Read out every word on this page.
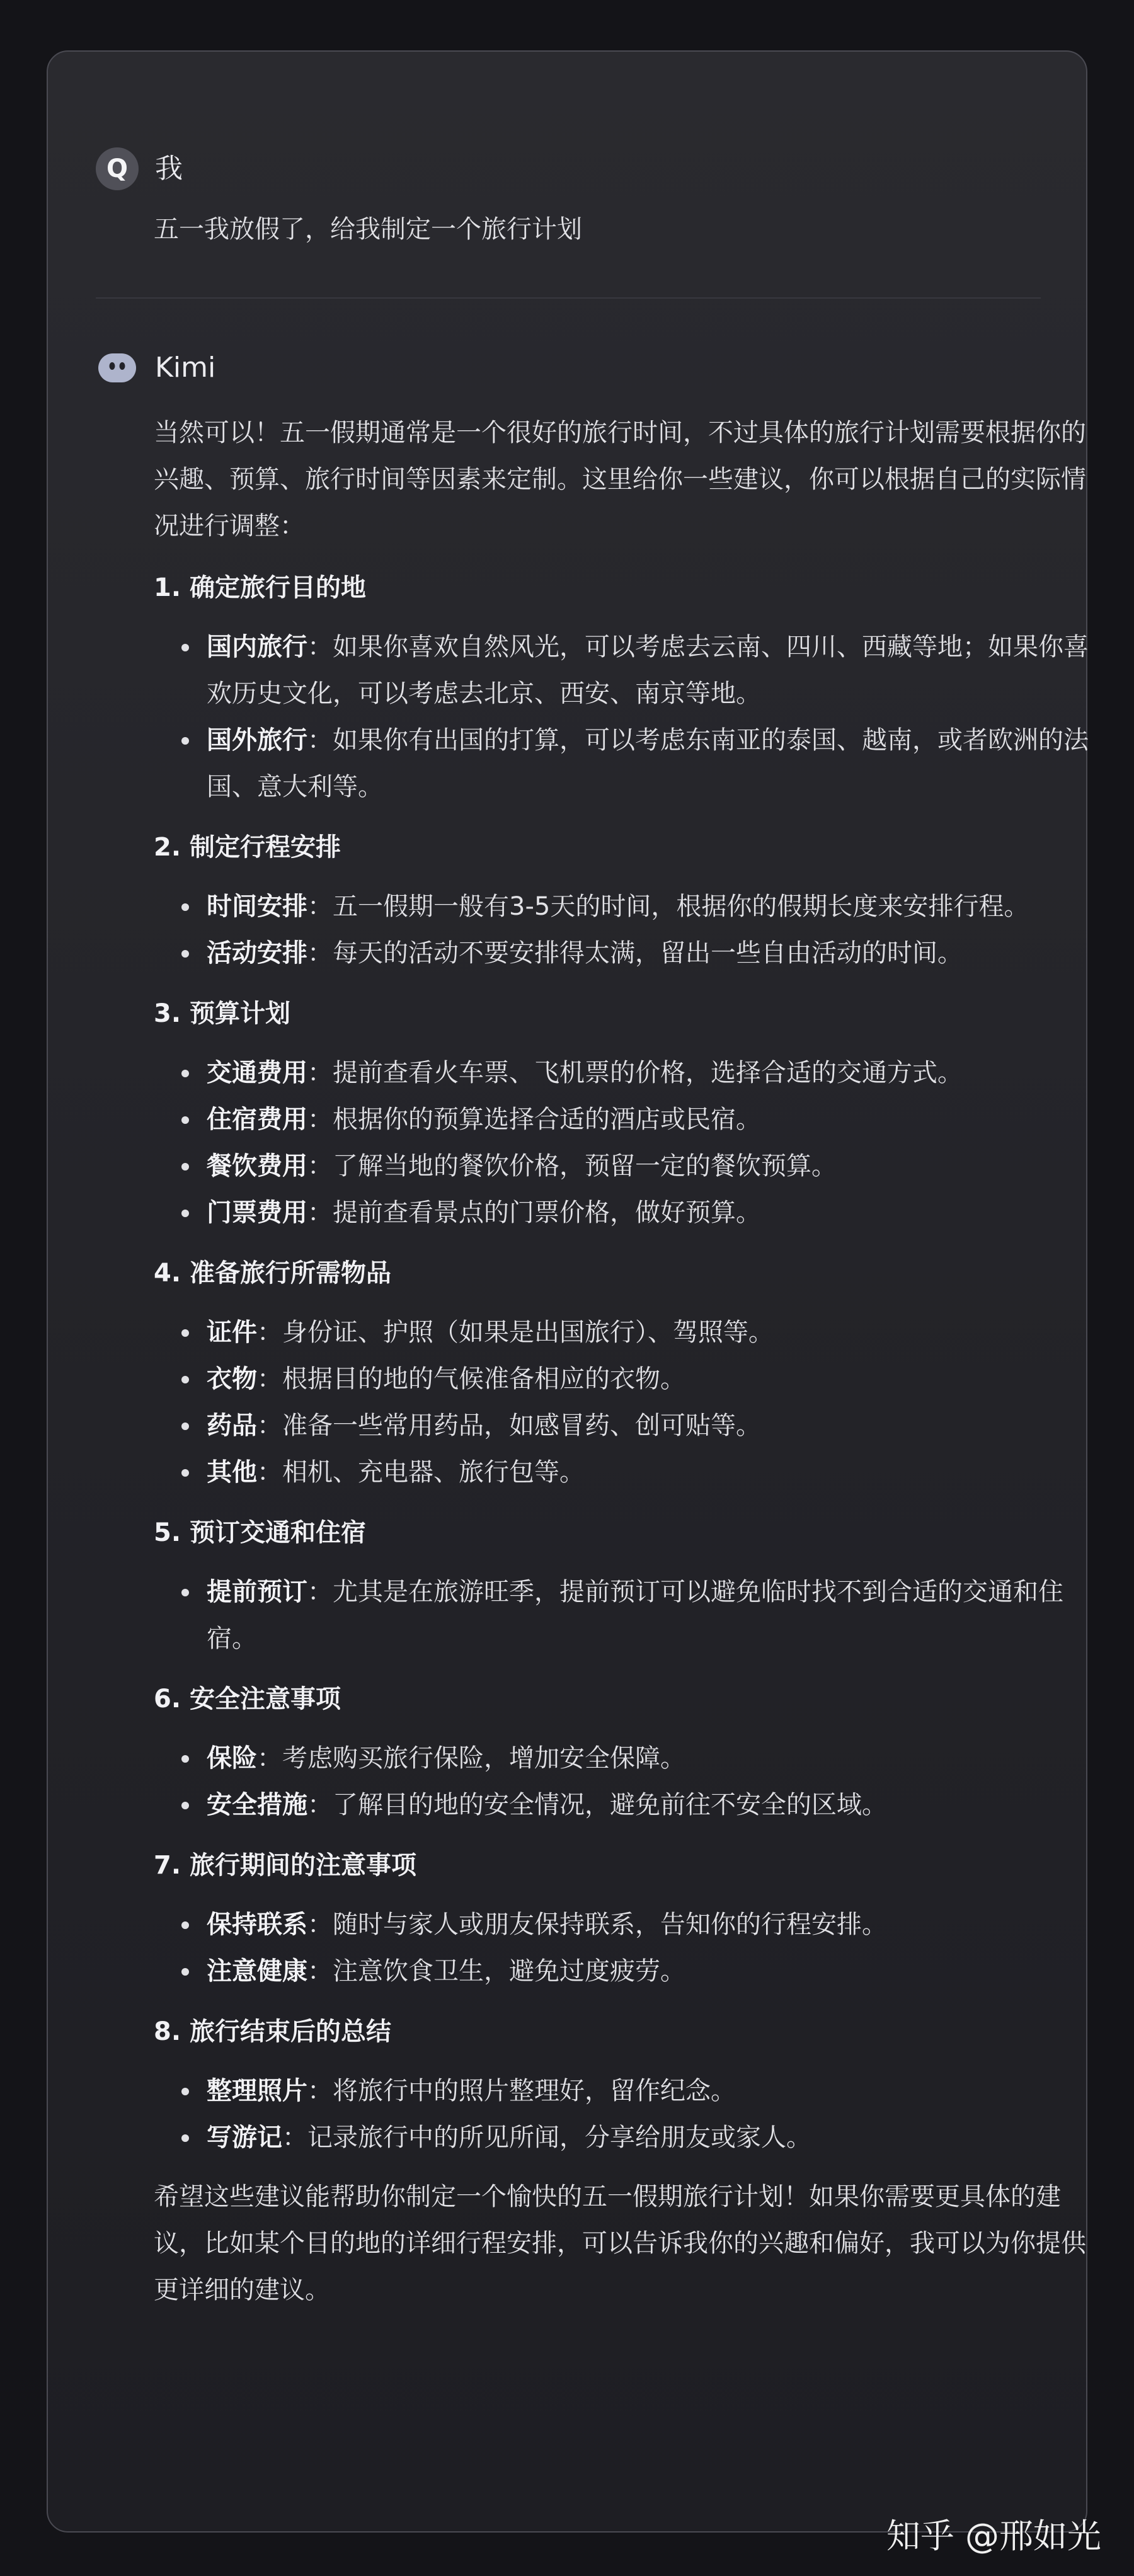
Q 我

五一我放假了，给我制定一个旅行计划

Kimi

当然可以！五一假期通常是一个很好的旅行时间，不过具体的旅行计划需要根据你的兴趣、预算、旅行时间等因素来定制。这里给你一些建议，你可以根据自己的实际情况进行调整：

1. 确定旅行目的地
国内旅行：如果你喜欢自然风光，可以考虑去云南、四川、西藏等地；如果你喜欢历史文化，可以考虑去北京、西安、南京等地。
国外旅行：如果你有出国的打算，可以考虑东南亚的泰国、越南，或者欧洲的法国、意大利等。
2. 制定行程安排
时间安排：五一假期一般有3-5天的时间，根据你的假期长度来安排行程。
活动安排：每天的活动不要安排得太满，留出一些自由活动的时间。
3. 预算计划
交通费用：提前查看火车票、飞机票的价格，选择合适的交通方式。
住宿费用：根据你的预算选择合适的酒店或民宿。
餐饮费用：了解当地的餐饮价格，预留一定的餐饮预算。
门票费用：提前查看景点的门票价格，做好预算。
4. 准备旅行所需物品
证件：身份证、护照（如果是出国旅行）、驾照等。
衣物：根据目的地的气候准备相应的衣物。
药品：准备一些常用药品，如感冒药、创可贴等。
其他：相机、充电器、旅行包等。
5. 预订交通和住宿
提前预订：尤其是在旅游旺季，提前预订可以避免临时找不到合适的交通和住宿。
6. 安全注意事项
保险：考虑购买旅行保险，增加安全保障。
安全措施：了解目的地的安全情况，避免前往不安全的区域。
7. 旅行期间的注意事项
保持联系：随时与家人或朋友保持联系，告知你的行程安排。
注意健康：注意饮食卫生，避免过度疲劳。
8. 旅行结束后的总结
整理照片：将旅行中的照片整理好，留作纪念。
写游记：记录旅行中的所见所闻，分享给朋友或家人。

希望这些建议能帮助你制定一个愉快的五一假期旅行计划！如果你需要更具体的建议，比如某个目的地的详细行程安排，可以告诉我你的兴趣和偏好，我可以为你提供更详细的建议。

知乎 @邢如光
